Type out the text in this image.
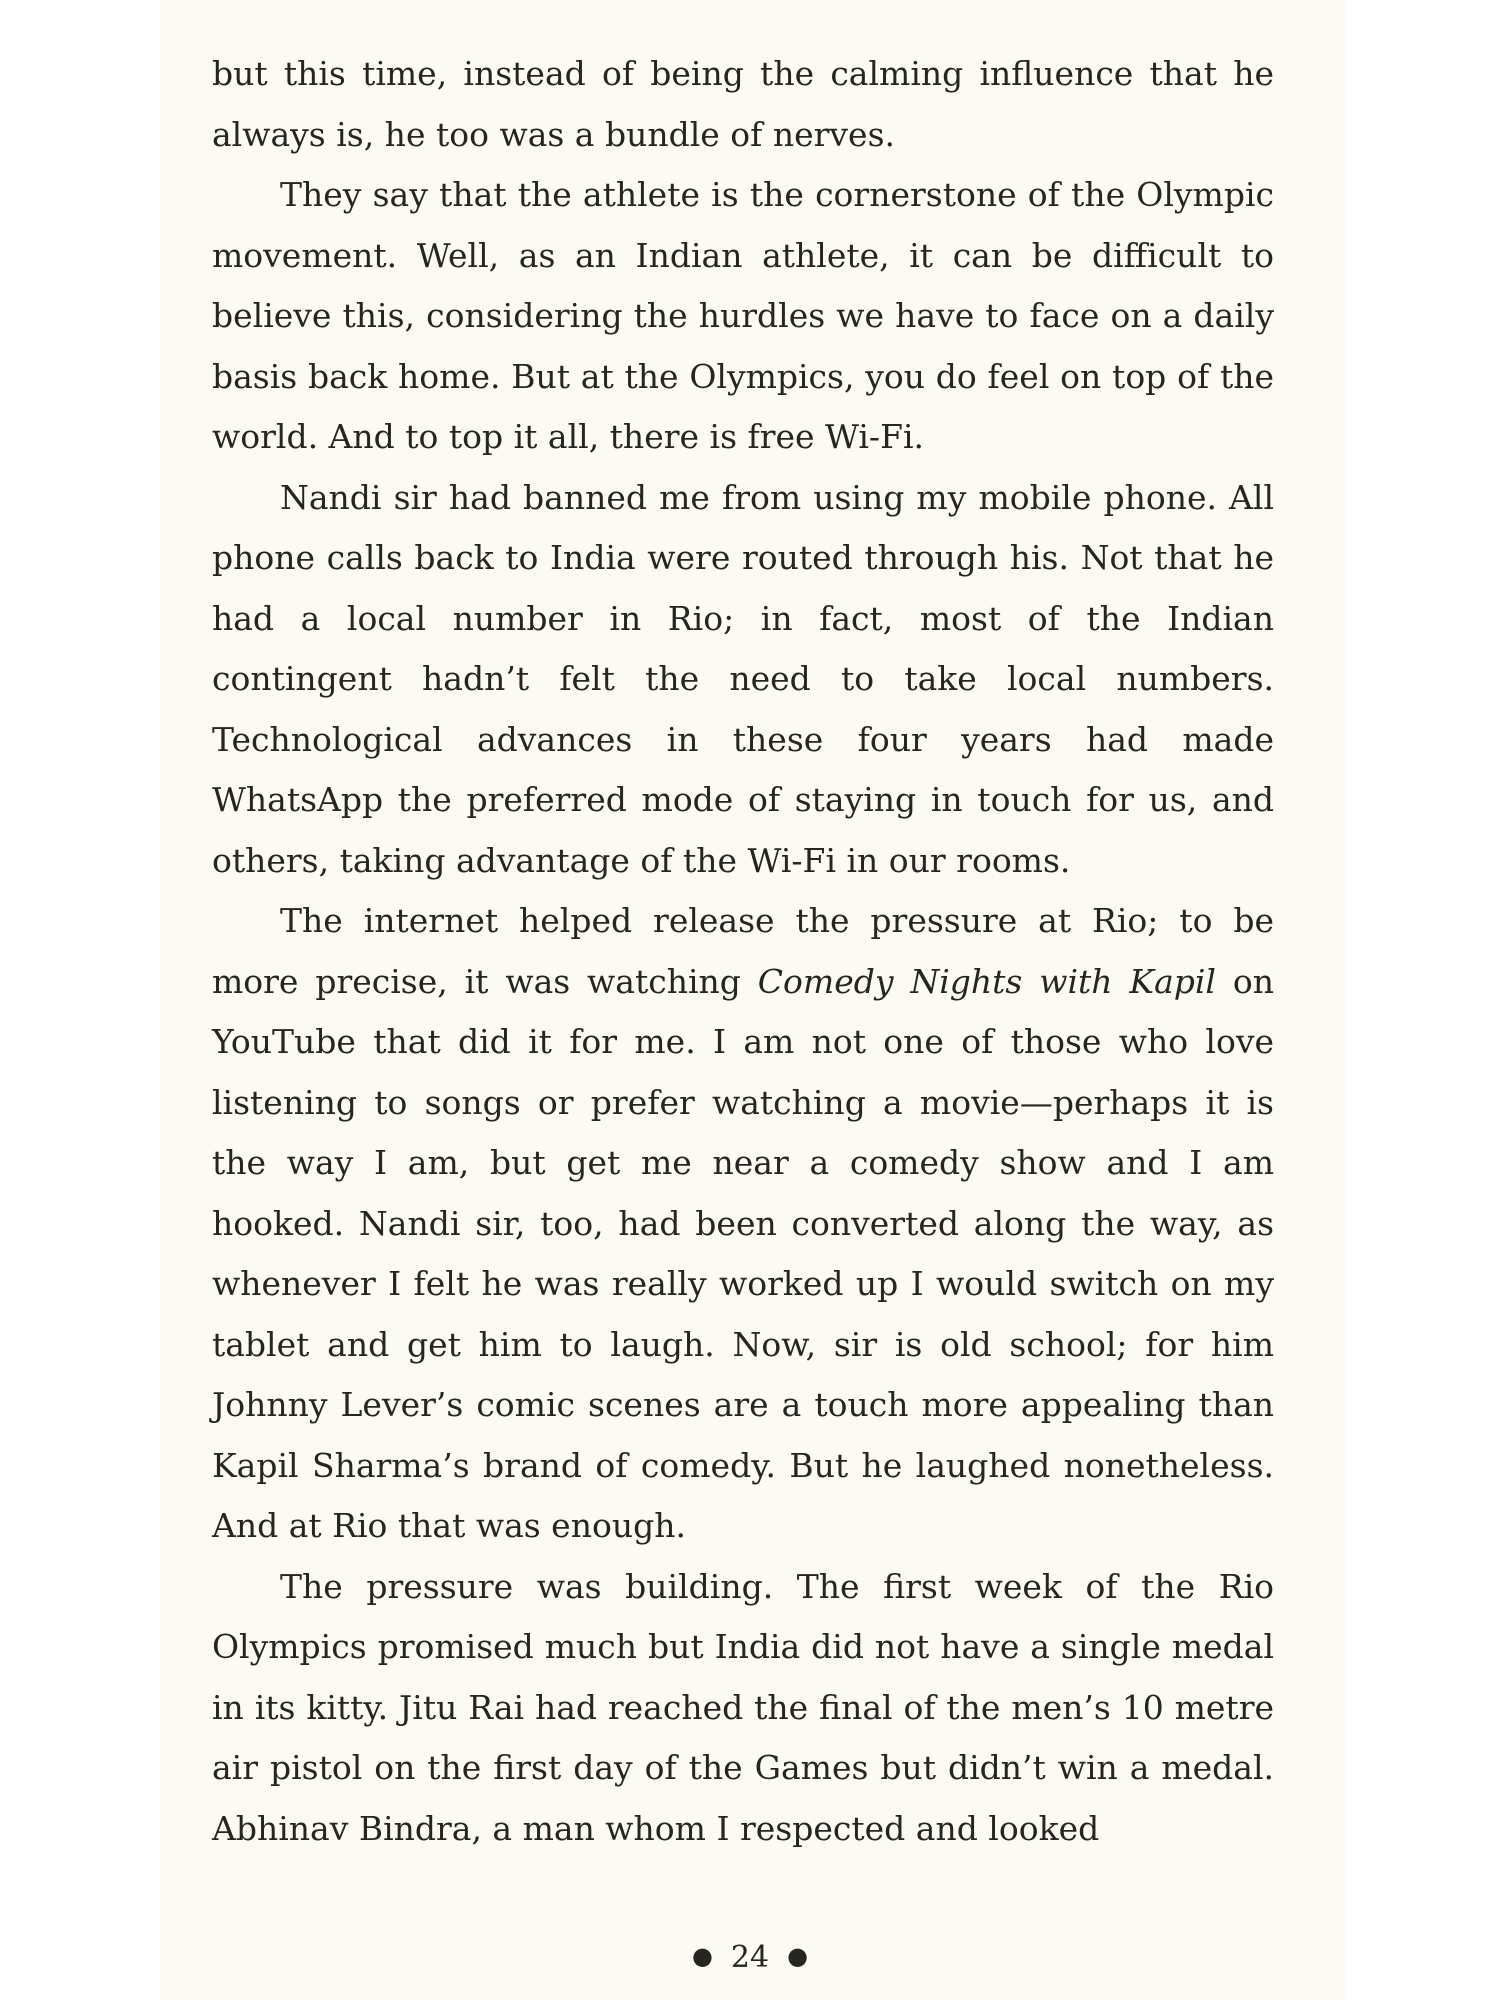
but this time, instead of being the calming influence that he always is, he too was a bundle of nerves.

They say that the athlete is the cornerstone of the Olympic movement. Well, as an Indian athlete, it can be difficult to believe this, considering the hurdles we have to face on a daily basis back home. But at the Olympics, you do feel on top of the world. And to top it all, there is free Wi-Fi.

Nandi sir had banned me from using my mobile phone. All phone calls back to India were routed through his. Not that he had a local number in Rio; in fact, most of the Indian contingent hadn’t felt the need to take local numbers. Technological advances in these four years had made WhatsApp the preferred mode of staying in touch for us, and others, taking advantage of the Wi-Fi in our rooms.

The internet helped release the pressure at Rio; to be more precise, it was watching Comedy Nights with Kapil on YouTube that did it for me. I am not one of those who love listening to songs or prefer watching a movie—perhaps it is the way I am, but get me near a comedy show and I am hooked. Nandi sir, too, had been converted along the way, as whenever I felt he was really worked up I would switch on my tablet and get him to laugh. Now, sir is old school; for him Johnny Lever’s comic scenes are a touch more appealing than Kapil Sharma’s brand of comedy. But he laughed nonetheless. And at Rio that was enough.

The pressure was building. The first week of the Rio Olympics promised much but India did not have a single medal in its kitty. Jitu Rai had reached the final of the men’s 10 metre air pistol on the first day of the Games but didn’t win a medal. Abhinav Bindra, a man whom I respected and looked

● 24 ●
